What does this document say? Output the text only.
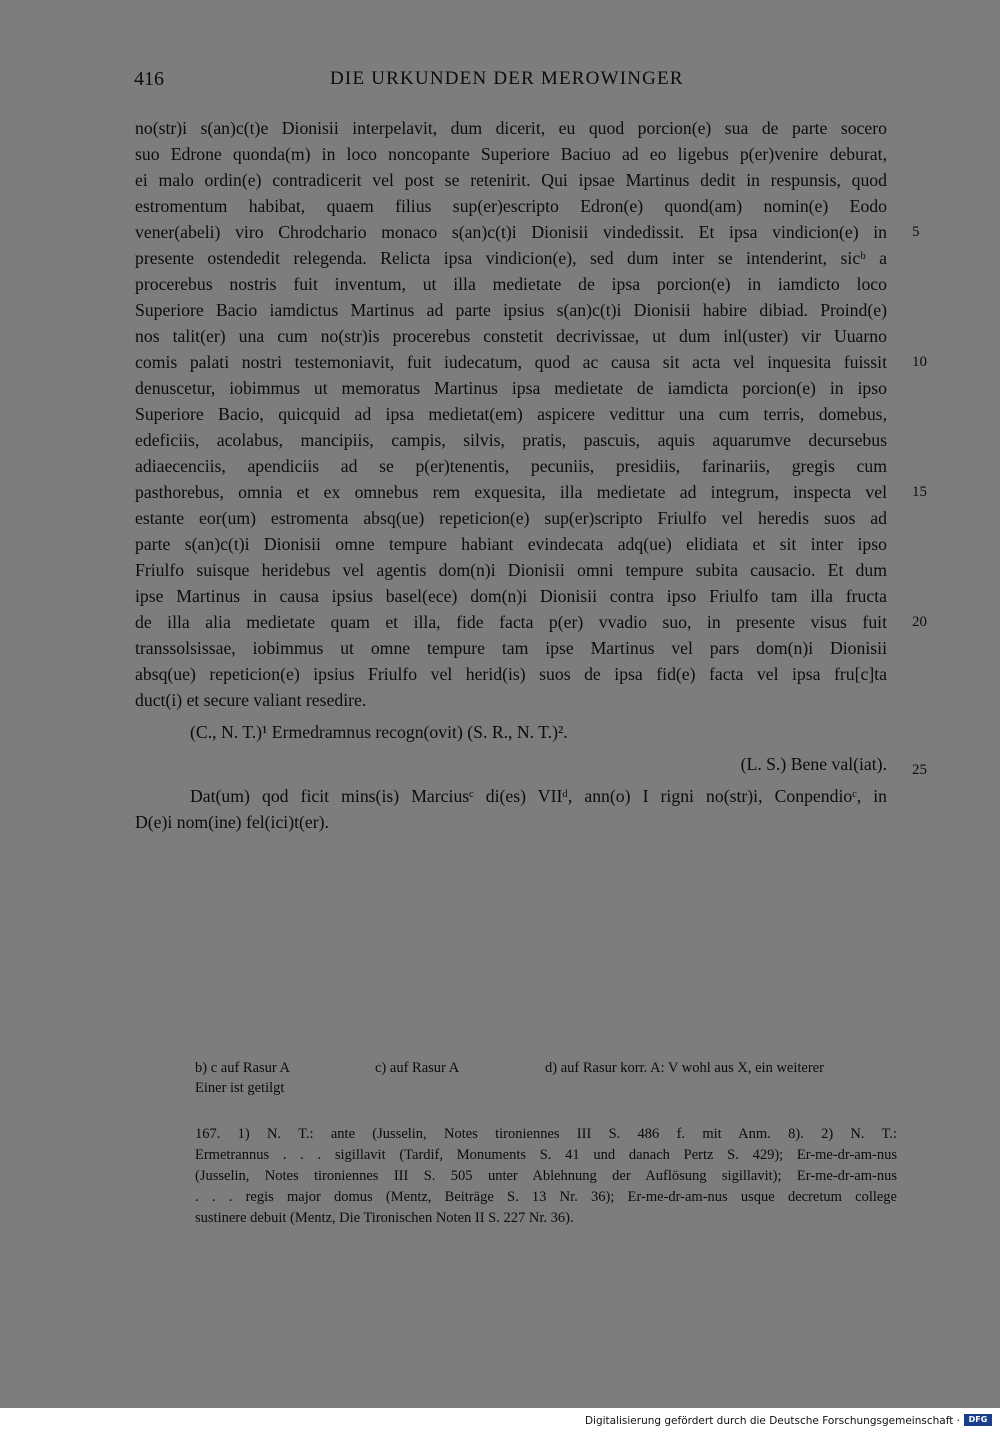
416	DIE URKUNDEN DER MEROWINGER
no(str)i s(an)c(t)e Dionisii interpelavit, dum dicerit, eu quod porcion(e) sua de parte socero
suo Edrone quonda(m) in loco noncopante Superiore Baciuo ad eo ligebus p(er)venire deburat,
ei malo ordin(e) contradicerit vel post se retenirit. Qui ipsae Martinus dedit in respunsis, quod
estromentum habibat, quaem filius sup(er)escripto Edron(e) quond(am) nomin(e) Eodo
vener(abeli) viro Chrodchario monaco s(an)c(t)i Dionisii vindedissit. Et ipsa vindicion(e) in
presente ostendedit relegenda. Relicta ipsa vindicion(e), sed dum inter se intenderint, sicᵇ a
procerebus nostris fuit inventum, ut illa medietate de ipsa porcion(e) in iamdicto loco
Superiore Bacio iamdictus Martinus ad parte ipsius s(an)c(t)i Dionisii habire dibiad. Proind(e)
nos talit(er) una cum no(str)is procerebus constetit decrivissae, ut dum inl(uster) vir Uuarno
comis palati nostri testemoniavit, fuit iudecatum, quod ac causa sit acta vel inquesita fuissit
denuscetur, iobimmus ut memoratus Martinus ipsa medietate de iamdicta porcion(e) in ipso
Superiore Bacio, quicquid ad ipsa medietat(em) aspicere vedittur una cum terris, domebus,
edeficiis, acolabus, mancipiis, campis, silvis, pratis, pascuis, aquis aquarumve decursebus
adiaecenciis, apendiciis ad se p(er)tenentis, pecuniis, presidiis, farinariis, gregis cum
pasthorebus, omnia et ex omnebus rem exquesita, illa medietate ad integrum, inspecta vel
estante eor(um) estromenta absq(ue) repeticion(e) sup(er)scripto Friulfo vel heredis suos ad
parte s(an)c(t)i Dionisii omne tempure habiant evindecata adq(ue) elidiata et sit inter ipso
Friulfo suisque heridebus vel agentis dom(n)i Dionisii omni tempure subita causacio. Et dum
ipse Martinus in causa ipsius basel(ece) dom(n)i Dionisii contra ipso Friulfo tam illa fructa
de illa alia medietate quam et illa, fide facta p(er) vvadio suo, in presente visus fuit
transsolsissae, iobimmus ut omne tempure tam ipse Martinus vel pars dom(n)i Dionisii
absq(ue) repeticion(e) ipsius Friulfo vel herid(is) suos de ipsa fid(e) facta vel ipsa fru[c]ta
duct(i) et secure valiant resedire.
(C., N. T.)¹ Ermedramnus recogn(ovit) (S. R., N. T.)².
(L. S.) Bene val(iat).
Dat(um) qod ficit mins(is) Marciusᶜ di(es) VIIᵈ, ann(o) I rigni no(str)i, Conpendioᶜ, in
D(e)i nom(ine) fel(ici)t(er).
5
10
15
20
25
b) c auf Rasur A	c) auf Rasur A	d) auf Rasur korr. A: V wohl aus X, ein weiterer
Einer ist getilgt
167. 1) N. T.: ante (Jusselin, Notes tironiennes III S. 486 f. mit Anm. 8). 2) N. T.:
Ermetrannus . . . sigillavit (Tardif, Monuments S. 41 und danach Pertz S. 429); Er-me-dr-am-nus
(Jusselin, Notes tironiennes III S. 505 unter Ablehnung der Auflösung sigillavit); Er-me-dr-am-nus
. . . regis major domus (Mentz, Beiträge S. 13 Nr. 36); Er-me-dr-am-nus usque decretum college
sustinere debuit (Mentz, Die Tironischen Noten II S. 227 Nr. 36).
Digitalisierung gefördert durch die Deutsche Forschungsgemeinschaft ·	DFG
